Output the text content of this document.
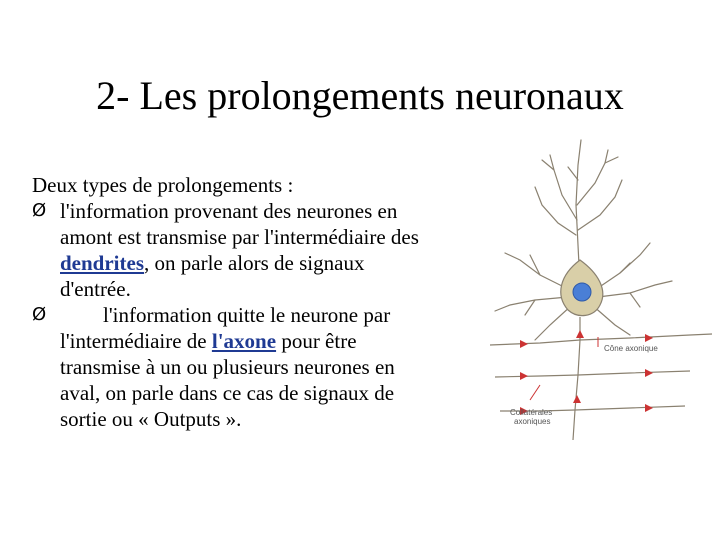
2- Les prolongements neuronaux
Deux types de prolongements :
Ø l'information provenant des neurones en
amont est transmise par l'intermédiaire des
dendrites, on parle alors de signaux
d'entrée.
Ø	l'information quitte le neurone par
l'intermédiaire de l'axone pour être
transmise à un ou plusieurs neurones en
aval, on parle dans ce cas de signaux de
sortie ou « Outputs ».
Cône axonique
Collatérales
axoniques
